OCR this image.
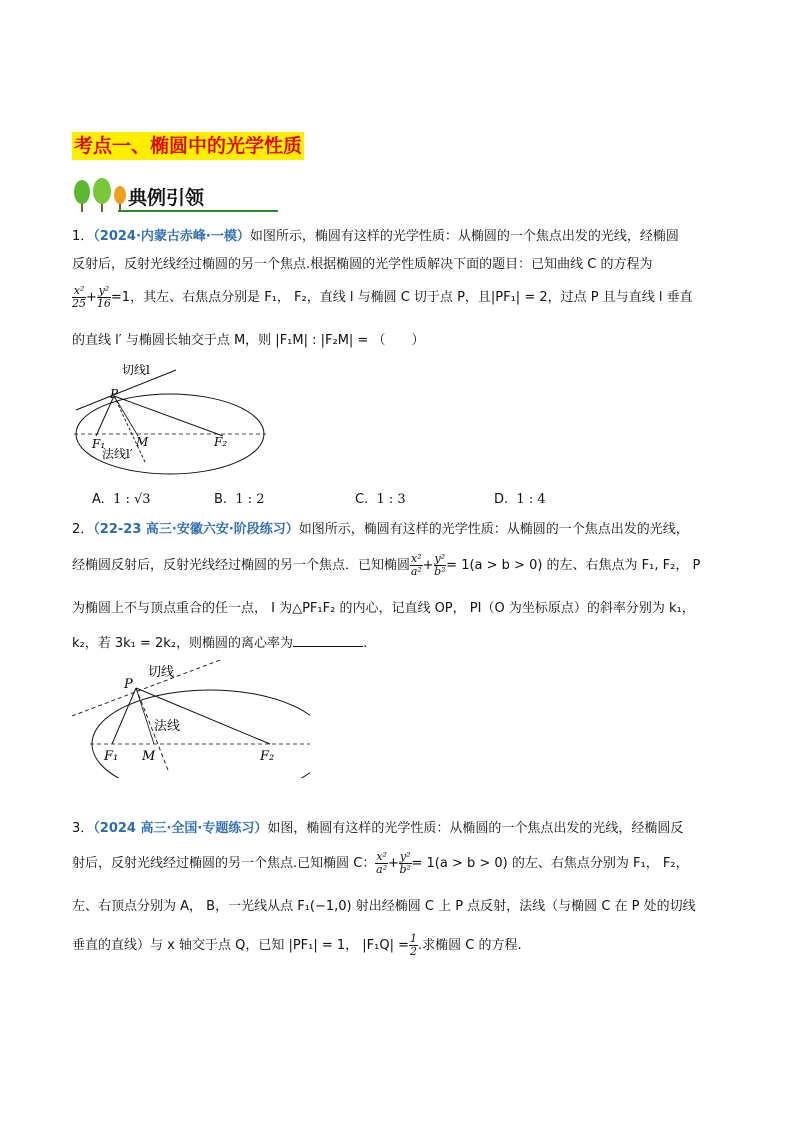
考点一、椭圆中的光学性质
典例引领
1．（2024·内蒙古赤峰·一模）如图所示，椭圆有这样的光学性质：从椭圆的一个焦点出发的光线，经椭圆
反射后，反射光线经过椭圆的另一个焦点.根据椭圆的光学性质解决下面的题目：已知曲线 C 的方程为
$\frac{\text{x²}}{25} + \frac{\text{y²}}{16} =1$，其左、右焦点分别是 F₁， F₂，直线 l 与椭圆 C 切于点 P，且|PF₁| = 2，过点 P 且与直线 l 垂直
的直线 l′ 与椭圆长轴交于点 M，则 |F₁M| : |F₂M| = （　　）
切线l
P
F₁	M	F₂
法线l′
A. 1 : √3	B. 1 : 2	C. 1 : 3	D. 1 : 4
2．（22-23 高三·安徽六安·阶段练习）如图所示，椭圆有这样的光学性质：从椭圆的一个焦点出发的光线，
经椭圆反射后，反射光线经过椭圆的另一个焦点．已知椭圆 $\frac{\text{x²}}{\text{a²}} + \frac{\text{y²}}{\text{b²}} = 1(a > b > 0)$ 的左、右焦点为 F₁, F₂， P
为椭圆上不与顶点重合的任一点， I 为△PF₁F₂ 的内心，记直线 OP， PI（O 为坐标原点）的斜率分别为 k₁，
k₂，若 3k₁ = 2k₂，则椭圆的离心率为	.
切线
P
法线
F₁ M	F₂
3．（2024 高三·全国·专题练习）如图，椭圆有这样的光学性质：从椭圆的一个焦点出发的光线，经椭圆反
射后，反射光线经过椭圆的另一个焦点.已知椭圆 C： $\frac{\text{x²}}{\text{a²}} + \frac{\text{y²}}{\text{b²}} = 1(a > b > 0)$ 的左、右焦点分别为 F₁， F₂，
左、右顶点分别为 A， B，一光线从点 F₁(−1,0) 射出经椭圆 C 上 P 点反射，法线（与椭圆 C 在 P 处的切线
垂直的直线）与 x 轴交于点 Q，已知 |PF₁| = 1， $|F_1Q| = \frac{1}{2}$ .求椭圆 C 的方程.
